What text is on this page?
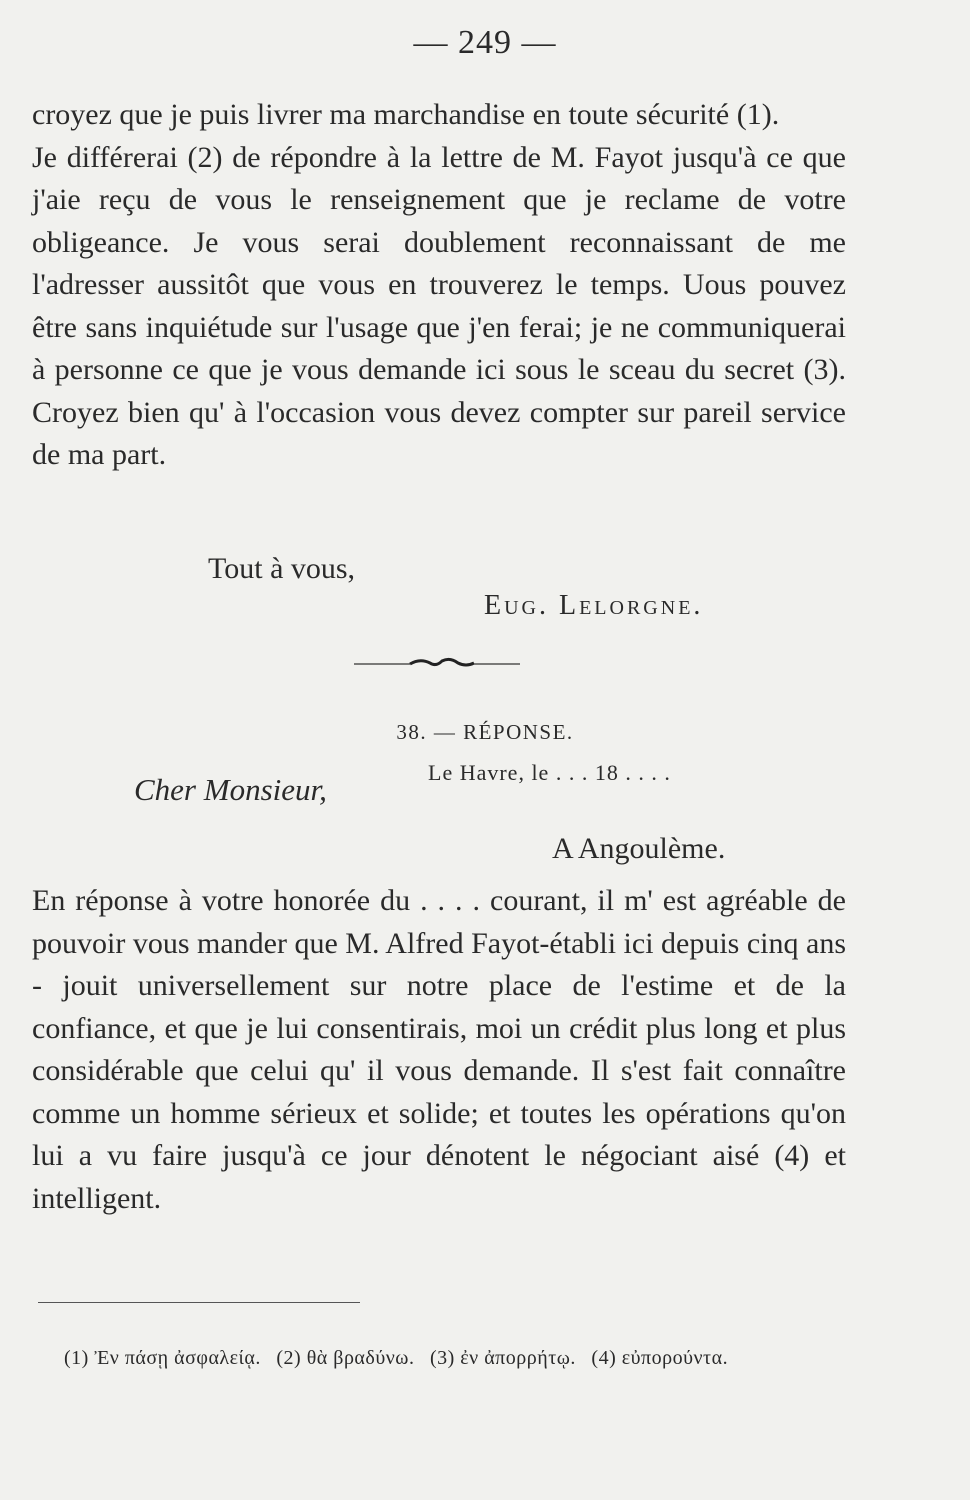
— 249 —

croyez que je puis livrer ma marchandise en toute sécurité (1).

Je différerai (2) de répondre à la lettre de M. Fayot jusqu'à ce que j'aie reçu de vous le renseignement que je reclame de votre obligeance. Je vous serai doublement reconnaissant de me l'adresser aussitôt que vous en trouverez le temps. Uous pouvez être sans inquiétude sur l'usage que j'en ferai; je ne communiquerai à personne ce que je vous demande ici sous le sceau du secret (3). Croyez bien qu' à l'occasion vous devez compter sur pareil service de ma part.

Tout à vous,
Eug. Lelorgne.
38. — RÉPONSE.
Le Havre, le . . . 18 . . . .
Cher Monsieur,
A Angoulème.

En réponse à votre honorée du . . . . courant, il m' est agréable de pouvoir vous mander que M. Alfred Fayot-établi ici depuis cinq ans - jouit universellement sur notre place de l'estime et de la confiance, et que je lui consentirais, moi un crédit plus long et plus considérable que celui qu' il vous demande. Il s'est fait connaître comme un homme sérieux et solide; et toutes les opérations qu'on lui a vu faire jusqu'à ce jour dénotent le négociant aisé (4) et intelligent.

(1) Ἐν πάσῃ ἀσφαλείᾳ. (2) θὰ βραδύνω. (3) ἐν ἀπορρήτῳ. (4) εὐπορούντα.
